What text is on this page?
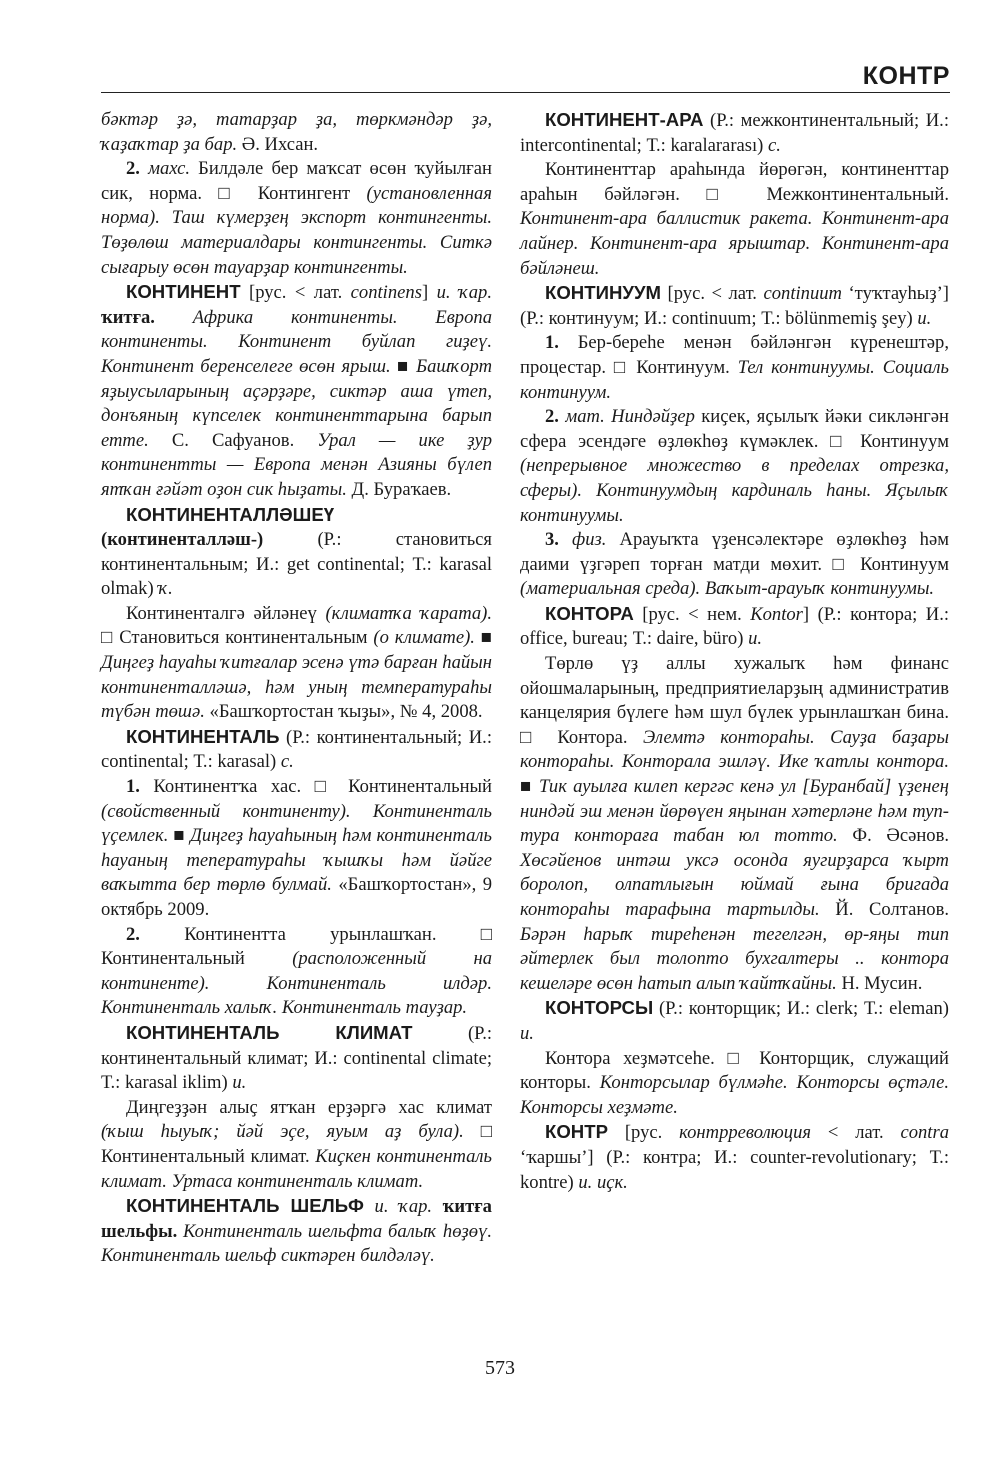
КОНТР

бәктәр ҙә, татарҙар ҙа, төркмәндәр ҙә, ҡаҙаҡтар ҙа бар. Ә. Ихсан.

2. махс. Билдәле бер маҡсат өсөн ҡуйылған сик, норма. □ Контингент (установленная норма). Таш күмерҙең экспорт контингенты. Төҙөлөш материалдары контингенты. Ситкә сығарыу өсөн тауарҙар контингенты.

КОНТИНЕНТ [рус. < лат. continens] и. ҡар. ҡитға. Африка континенты. Европа континенты. Континент буйлап гиҙеү. Континент беренселеге өсөн ярыш. ■ Башҡорт яҙыусыларының аҫәрҙәре, сиктәр аша үтеп, донъяның күпселек континенттарына барып етте. С. Сафуанов. Урал — ике ҙур континентты — Европа менән Азияны бүлеп ятҡан ғәйәт оҙон сик һыҙаты. Д. Бураҡаев.

КОНТИНЕНТАЛЛӘШЕҮ (континенталләш-) (Р.: становиться континентальным; И.: get continental; Т.: karasal olmak) ҡ.

Континенталгә әйләнеү (климатҡа ҡарата). □ Становиться континентальным (о климате). ■ Диңгеҙ һауаһы ҡитғалар эсенә үтә барған һайын континенталләшә, һәм уның температураһы түбән төшә. «Башҡортостан ҡыҙы», № 4, 2008.

КОНТИНЕНТАЛЬ (Р.: континентальный; И.: continental; Т.: karasal) с.

1. Континентҡа хас. □ Континентальный (свойственный континенту). Континенталь үҫемлек. ■ Диңгеҙ һауаһының һәм континенталь һауаның теператураһы ҡышҡы һәм йәйге ваҡытта бер төрлө булмай. «Башҡортостан», 9 октябрь 2009.

2. Континентта урынлашҡан. □ Континентальный (расположенный на континенте). Континенталь илдәр. Континенталь халыҡ. Континенталь тауҙар.

КОНТИНЕНТАЛЬ КЛИМАТ (Р.: континентальный климат; И.: continental climate; Т.: karasal iklim) и.

Диңгеҙҙән алыҫ ятҡан ерҙәргә хас климат (ҡыш һыуыҡ; йәй эҫе, яуым аҙ була). □ Континентальный климат. Киҫкен континенталь климат. Уртаса континенталь климат.

КОНТИНЕНТАЛЬ ШЕЛЬФ и. ҡар. ҡитға шельфы. Континенталь шельфта балыҡ һөҙөү. Континенталь шельф сиктәрен билдәләү.

КОНТИНЕНТ-АРА (Р.: межконтинентальный; И.: intercontinental; Т.: karalararası) с.

Континенттар араһында йөрөгән, континенттар араһын бәйләгән. □ Межконтинентальный. Континент-ара баллистик ракета. Континент-ара лайнер. Континент-ара ярыштар. Континент-ара бәйләнеш.

КОНТИНУУМ [рус. < лат. continuum ‘туҡтауһыҙ’] (Р.: континуум; И.: continuum; Т.: bölünmemiş şey) и.

1. Бер-береһе менән бәйләнгән күренештәр, процестар. □ Континуум. Тел континуумы. Социаль континуум.

2. мат. Ниндәйҙер киҫек, яҫылыҡ йәки сикләнгән сфера эсендәге өҙлөкһөҙ күмәклек. □ Континуум (непрерывное множество в пределах отрезка, сферы). Континуумдың кардиналь һаны. Яҫылыҡ континуумы.

3. физ. Арауыҡта үҙенсәлектәре өҙлөкһөҙ һәм даими үҙгәреп торған матди мөхит. □ Континуум (материальная среда). Ваҡыт-арауыҡ континуумы.

КОНТОРА [рус. < нем. Kontor] (Р.: контора; И.: office, bureau; Т.: daire, büro) и.

Төрлө үҙ аллы хужалыҡ һәм финанс ойошмаларының, предприятиеларҙың административ канцелярия бүлеге һәм шул бүлек урынлашҡан бина. □ Контора. Элемтә контораһы. Сауҙа баҙары контораһы. Конторала эшләү. Ике ҡатлы контора. ■ Тик ауылға килеп кергәс кенә ул [Буранбай] үҙенең ниндәй эш менән йөрөүен яңынан хәтерләне һәм туп-тура контораға табан юл тотто. Ф. Әсәнов. Хөсәйенов интәш уксә осонда яугирҙарса ҡырт боролоп, олпатлығын юймай ғына бригада контораһы тарафына тартылды. Й. Солтанов. Бәрән һарыҡ тиреһенән тегелгән, өр-яңы тип әйтерлек был толопто бухгалтеры .. контора кешеләре өсөн һатып алып ҡайтҡайны. Н. Мусин.

КОНТОРСЫ (Р.: конторщик; И.: clerk; Т.: eleman) и.

Контора хеҙмәтсеһе. □ Конторщик, служащий конторы. Конторсылар бүлмәһе. Конторсы өҫтәле. Конторсы хеҙмәте.

КОНТР [рус. контрреволюция < лат. contra ‘ҡаршы’] (Р.: контра; И.: counter-revolutionary; Т.: kontre) и. иҫк.

573
